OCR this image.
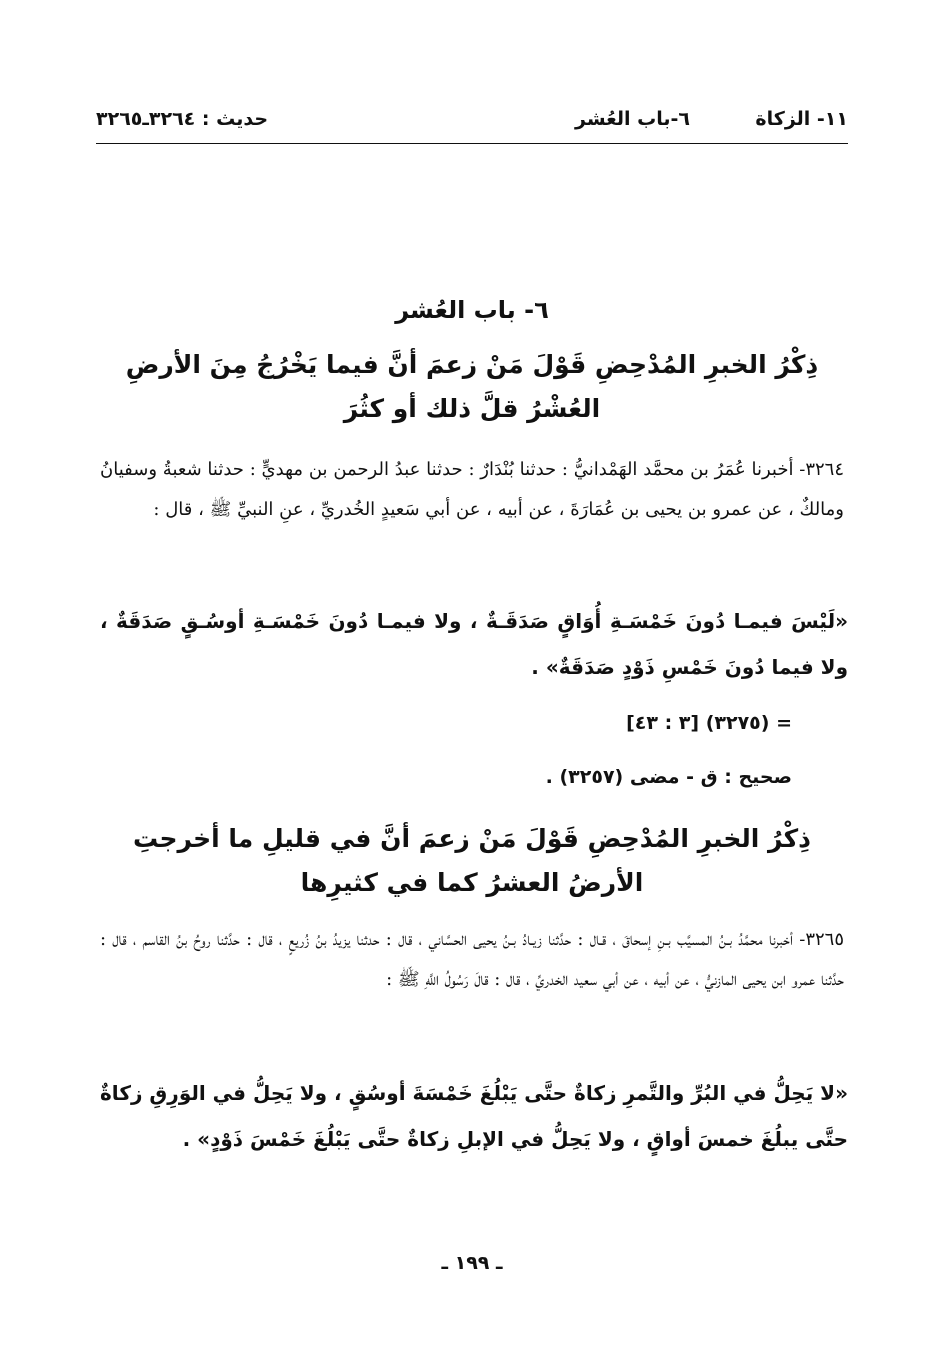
١١- الزكاة
٦-باب العُشر
حديث : ٣٢٦٤ـ٣٢٦٥
٦- باب العُشر
ذِكْرُ الخبرِ المُدْحِضِ قَوْلَ مَنْ زعمَ أنَّ فيما يَخْرُجُ مِنَ الأرضِ العُشْرُ قلَّ ذلك أو كثُرَ
٣٢٦٤- أخبرنا عُمَرُ بن محمَّد الهَمْدانيُّ : حدثنا بُنْدَارٌ : حدثنا عبدُ الرحمن بن مهديٍّ : حدثنا شعبةُ وسفيانُ ومالكٌ ، عن عمرو بن يحيى بن عُمَارَةَ ، عن أبيه ، عن أبي سَعيدٍ الخُدريِّ ، عنِ النبيِّ ﷺ ، قال :
«لَيْسَ فيمـا دُونَ خَمْسَـةِ أُوَاقٍ صَدَقَـةٌ ، ولا فيمـا دُونَ خَمْسَـةِ أوسُـقٍ صَدَقَةٌ ، ولا فيما دُونَ خَمْسِ ذَوْدٍ صَدَقَةٌ» .
= (٣٢٧٥) [٣ : ٤٣]
صحيح : ق - مضى (٣٢٥٧) .
ذِكْرُ الخبرِ المُدْحِضِ قَوْلَ مَنْ زعمَ أنَّ في قليلِ ما أخرجتِ الأرضُ العشرُ كما في كثيرِها
٣٢٦٥- أخبرنا محمَّدُ بـنُ المسيَّب بـنِ إسحاقَ ، قـال : حدَّثنا زيـادُ بـنُ يحيى الحسَّاني ، قال : حدثنا يزيدُ بنُ زُريعٍ ، قال : حدَّثنا روحُ بنُ القاسم ، قال : حدَّثنا عمرو ابن يحيى المازنيُّ ، عن أبيه ، عن أبي سعيد الخدريِّ ، قال : قالَ رَسُولُ اللَّهِ ﷺ :
«لا يَحِلُّ في البُرِّ والتَّمرِ زكاةٌ حتَّى يَبْلُغَ خَمْسَةَ أوسُقٍ ، ولا يَحِلُّ في الوَرِقِ زكاةٌ حتَّى يبلُغَ خمسَ أواقٍ ، ولا يَحِلُّ في الإبلِ زكاةٌ حتَّى يَبْلُغَ خَمْسَ ذَوْدٍ» .
ـ ١٩٩ ـ
